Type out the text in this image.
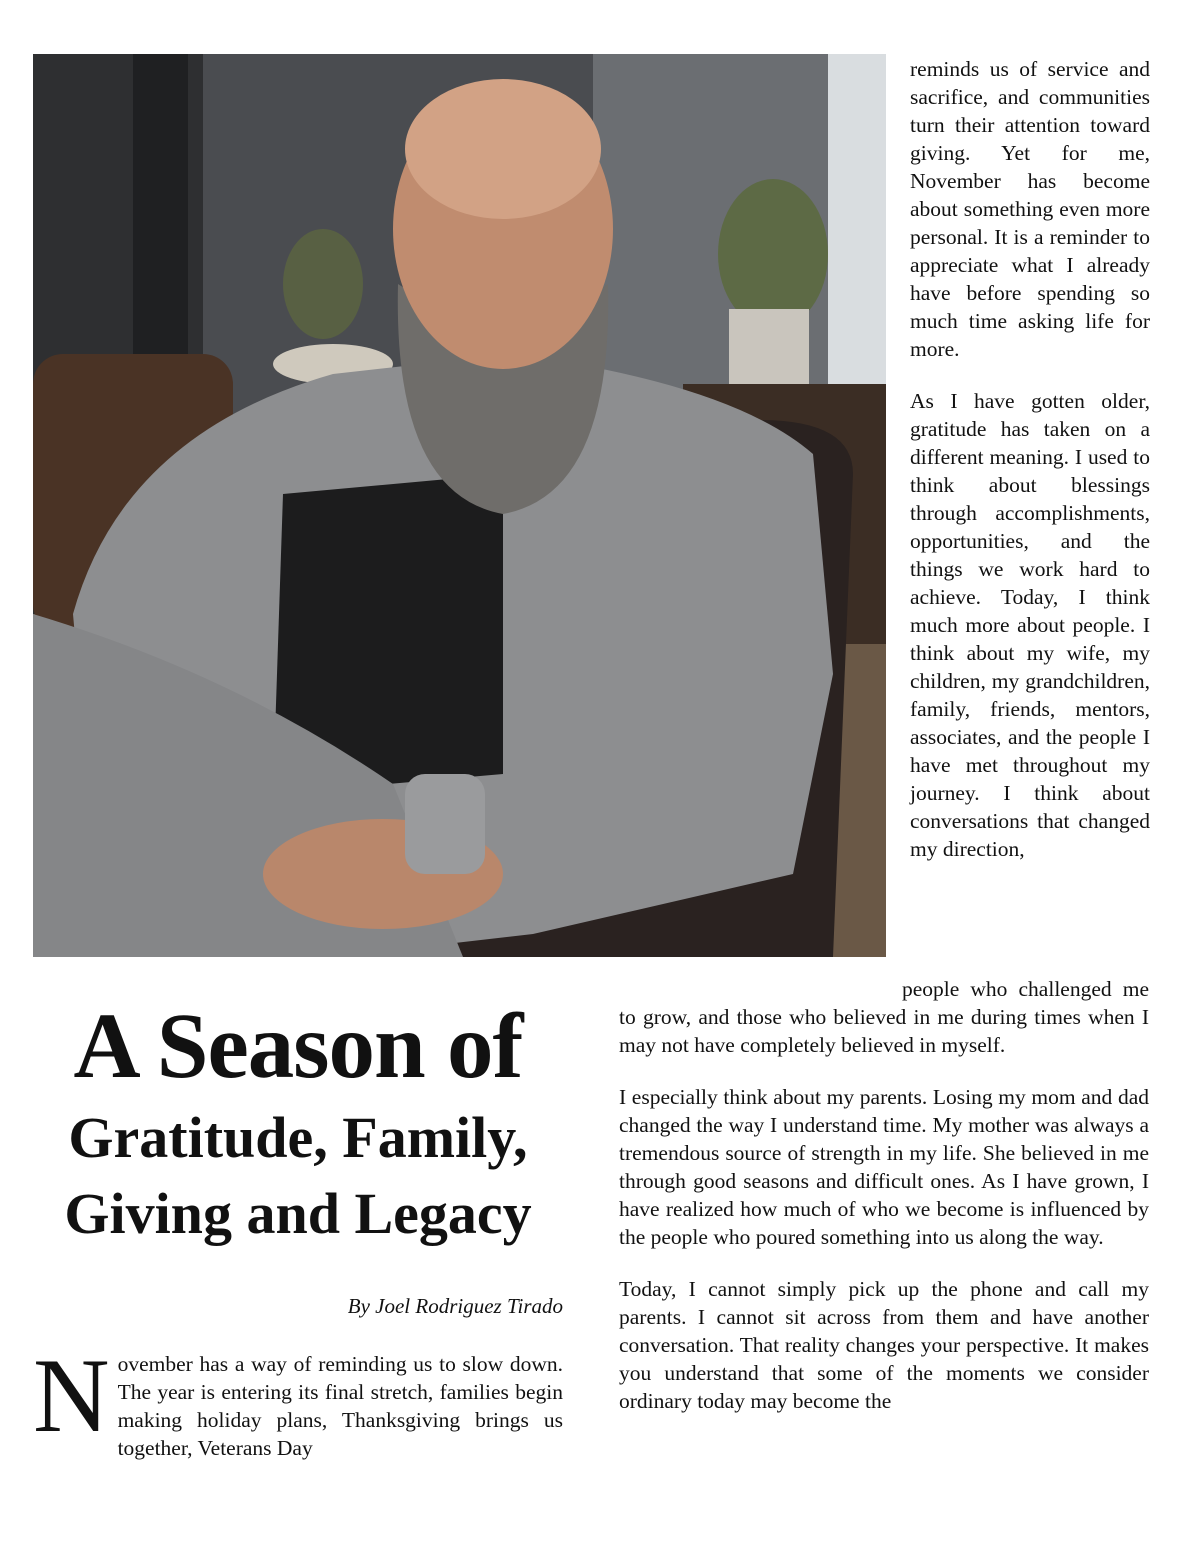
reminds us of service and sacrifice, and communities turn their attention toward giving. Yet for me, November has become about something even more personal. It is a reminder to appreciate what I already have before spending so much time asking life for more.

As I have gotten older, gratitude has taken on a different meaning. I used to think about blessings through accomplishments, opportunities, and the things we work hard to achieve. Today, I think much more about people. I think about my wife, my children, my grandchildren, family, friends, mentors, associates, and the people I have met throughout my journey. I think about conversations that changed my direction,

A Season of

Gratitude, Family,

Giving and Legacy

By Joel Rodriguez Tirado

November has a way of reminding us to slow down. The year is entering its final stretch, families begin making holiday plans, Thanksgiving brings us together, Veterans Day

people who challenged me to grow, and those who believed in me during times when I may not have completely believed in myself.

I especially think about my parents. Losing my mom and dad changed the way I understand time. My mother was always a tremendous source of strength in my life. She believed in me through good seasons and difficult ones. As I have grown, I have realized how much of who we become is influenced by the people who poured something into us along the way.

Today, I cannot simply pick up the phone and call my parents. I cannot sit across from them and have another conversation. That reality changes your perspective. It makes you understand that some of the moments we consider ordinary today may become the
